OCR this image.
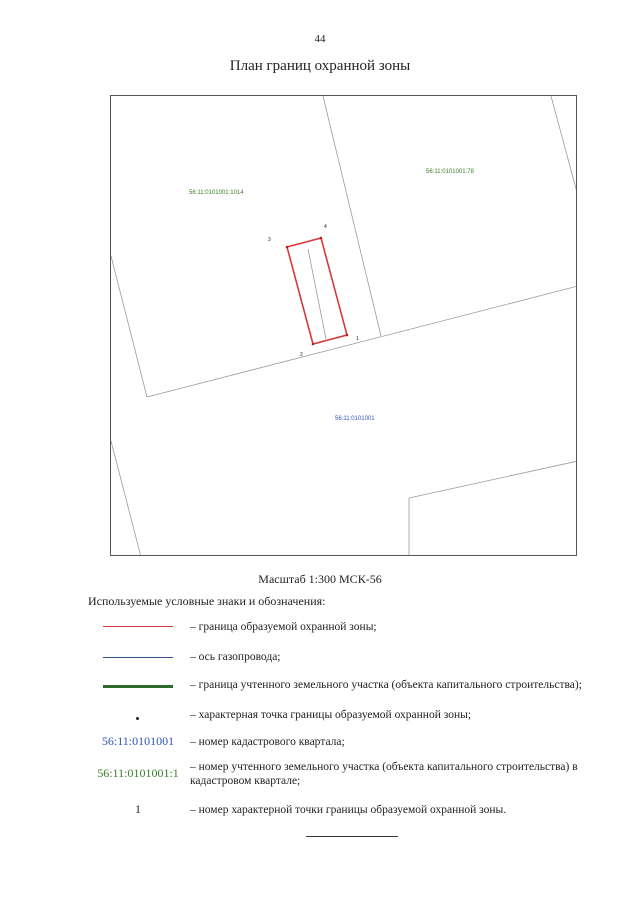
44
План границ охранной зоны
56:11:0101001:1014
56:11:0101001:78
56:11:0101001
1
2
3
4
Масштаб 1:300 МСК-56
Используемые условные знаки и обозначения:
– граница образуемой охранной зоны;
– ось газопровода;
– граница учтенного земельного участка (объекта капитального строительства);
– характерная точка границы образуемой охранной зоны;
56:11:0101001	– номер кадастрового квартала;
56:11:0101001:1 – номер учтенного земельного участка (объекта капитального строительства) в кадастровом квартале;
1	– номер характерной точки границы образуемой охранной зоны.
